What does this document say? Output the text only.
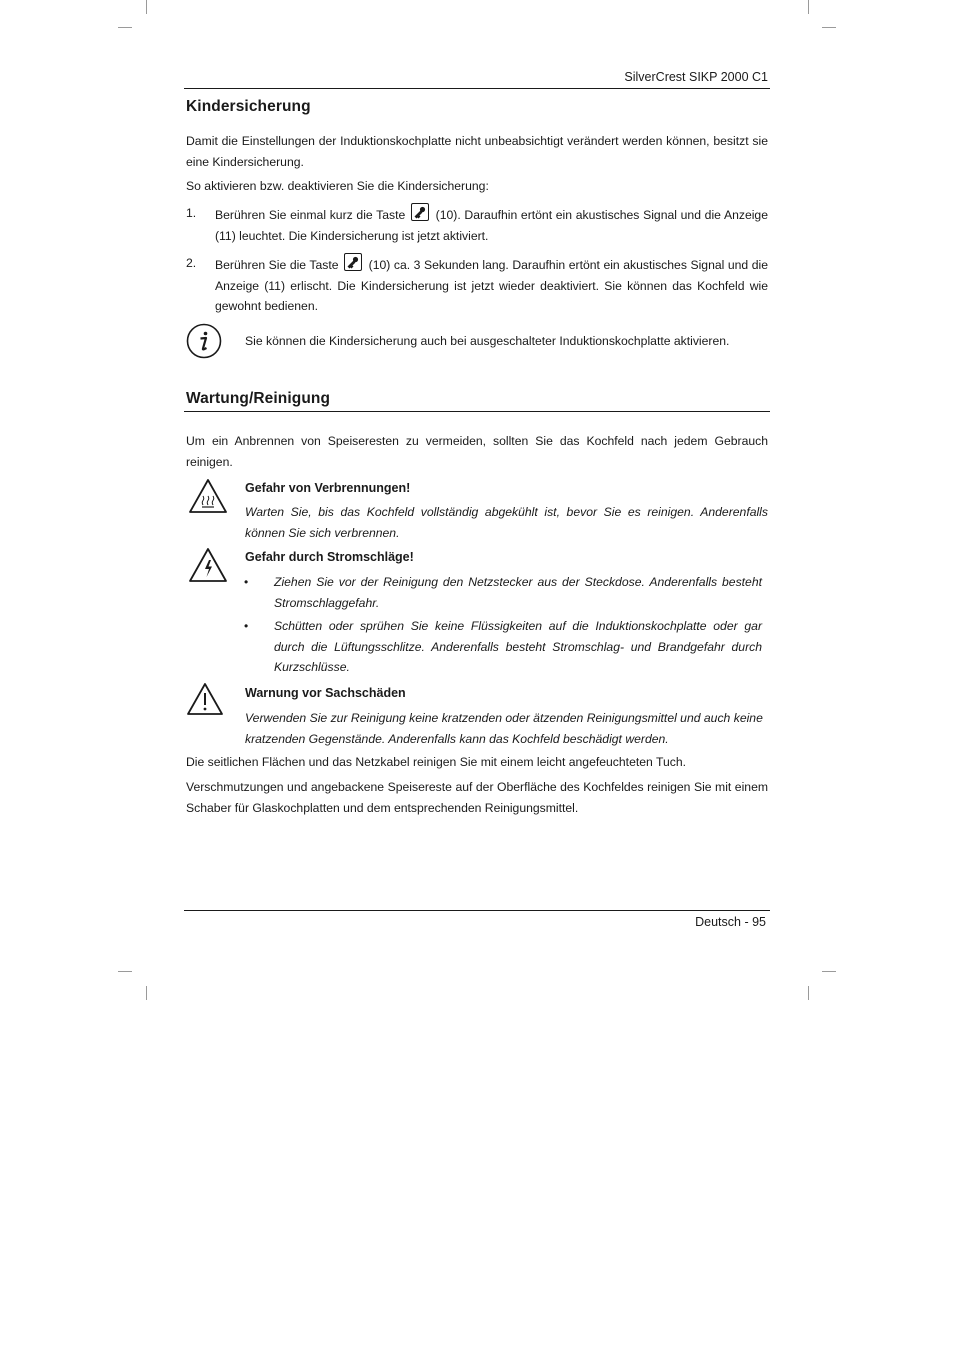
SilverCrest SIKP 2000 C1
Kindersicherung

Damit die Einstellungen der Induktionskochplatte nicht unbeabsichtigt verändert werden können, besitzt sie eine Kindersicherung.

So aktivieren bzw. deaktivieren Sie die Kindersicherung:

1. Berühren Sie einmal kurz die Taste (10). Daraufhin ertönt ein akustisches Signal und die Anzeige (11) leuchtet. Die Kindersicherung ist jetzt aktiviert.

2. Berühren Sie die Taste (10) ca. 3 Sekunden lang. Daraufhin ertönt ein akustisches Signal und die Anzeige (11) erlischt. Die Kindersicherung ist jetzt wieder deaktiviert. Sie können das Kochfeld wie gewohnt bedienen.

Sie können die Kindersicherung auch bei ausgeschalteter Induktionskochplatte aktivieren.

Wartung/Reinigung

Um ein Anbrennen von Speiseresten zu vermeiden, sollten Sie das Kochfeld nach jedem Gebrauch reinigen.

Gefahr von Verbrennungen!

Warten Sie, bis das Kochfeld vollständig abgekühlt ist, bevor Sie es reinigen. Anderenfalls können Sie sich verbrennen.

Gefahr durch Stromschläge!
• Ziehen Sie vor der Reinigung den Netzstecker aus der Steckdose. Anderenfalls besteht Stromschlaggefahr.

• Schütten oder sprühen Sie keine Flüssigkeiten auf die Induktionskochplatte oder gar durch die Lüftungsschlitze. Anderenfalls besteht Stromschlag- und Brandgefahr durch Kurzschlüsse.

Warnung vor Sachschäden

Verwenden Sie zur Reinigung keine kratzenden oder ätzenden Reinigungsmittel und auch keine kratzenden Gegenstände. Anderenfalls kann das Kochfeld beschädigt werden.

Die seitlichen Flächen und das Netzkabel reinigen Sie mit einem leicht angefeuchteten Tuch.

Verschmutzungen und angebackene Speisereste auf der Oberfläche des Kochfeldes reinigen Sie mit einem Schaber für Glaskochplatten und dem entsprechenden Reinigungsmittel.

Deutsch - 95
